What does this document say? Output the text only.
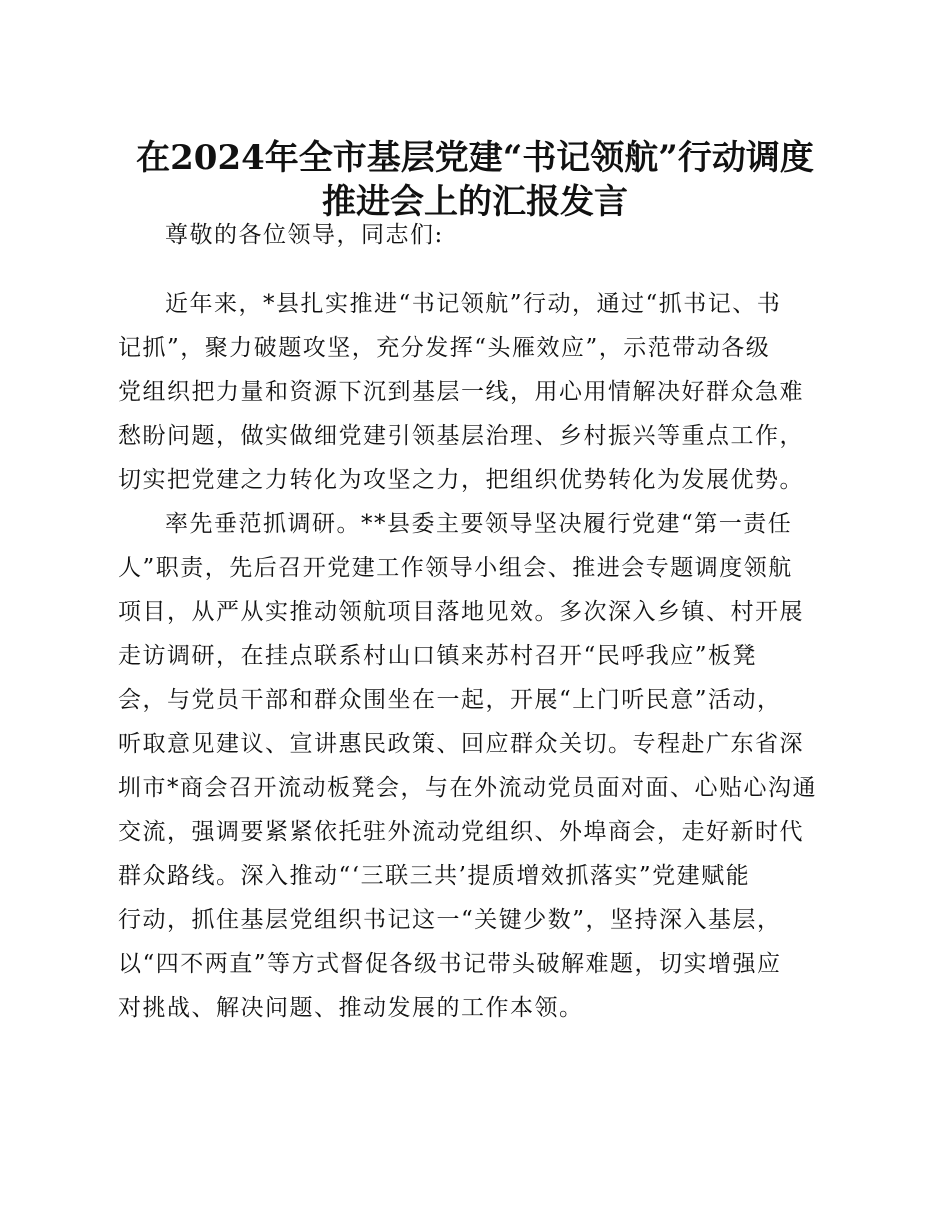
在2024年全市基层党建“书记领航”行动调度
推进会上的汇报发言
尊敬的各位领导，同志们:
近年来，*县扎实推进“书记领航”行动，通过“抓书记、书
记抓”，聚力破题攻坚，充分发挥“头雁效应”，示范带动各级
党组织把力量和资源下沉到基层一线，用心用情解决好群众急难
愁盼问题，做实做细党建引领基层治理、乡村振兴等重点工作，
切实把党建之力转化为攻坚之力，把组织优势转化为发展优势。
率先垂范抓调研。**县委主要领导坚决履行党建“第一责任
人”职责，先后召开党建工作领导小组会、推进会专题调度领航
项目，从严从实推动领航项目落地见效。多次深入乡镇、村开展
走访调研，在挂点联系村山口镇来苏村召开“民呼我应”板凳
会，与党员干部和群众围坐在一起，开展“上门听民意”活动，
听取意见建议、宣讲惠民政策、回应群众关切。专程赴广东省深
圳市*商会召开流动板凳会，与在外流动党员面对面、心贴心沟通
交流，强调要紧紧依托驻外流动党组织、外埠商会，走好新时代
群众路线。深入推动“‘三联三共’提质增效抓落实”党建赋能
行动，抓住基层党组织书记这一“关键少数”，坚持深入基层，
以“四不两直”等方式督促各级书记带头破解难题，切实增强应
对挑战、解决问题、推动发展的工作本领。
